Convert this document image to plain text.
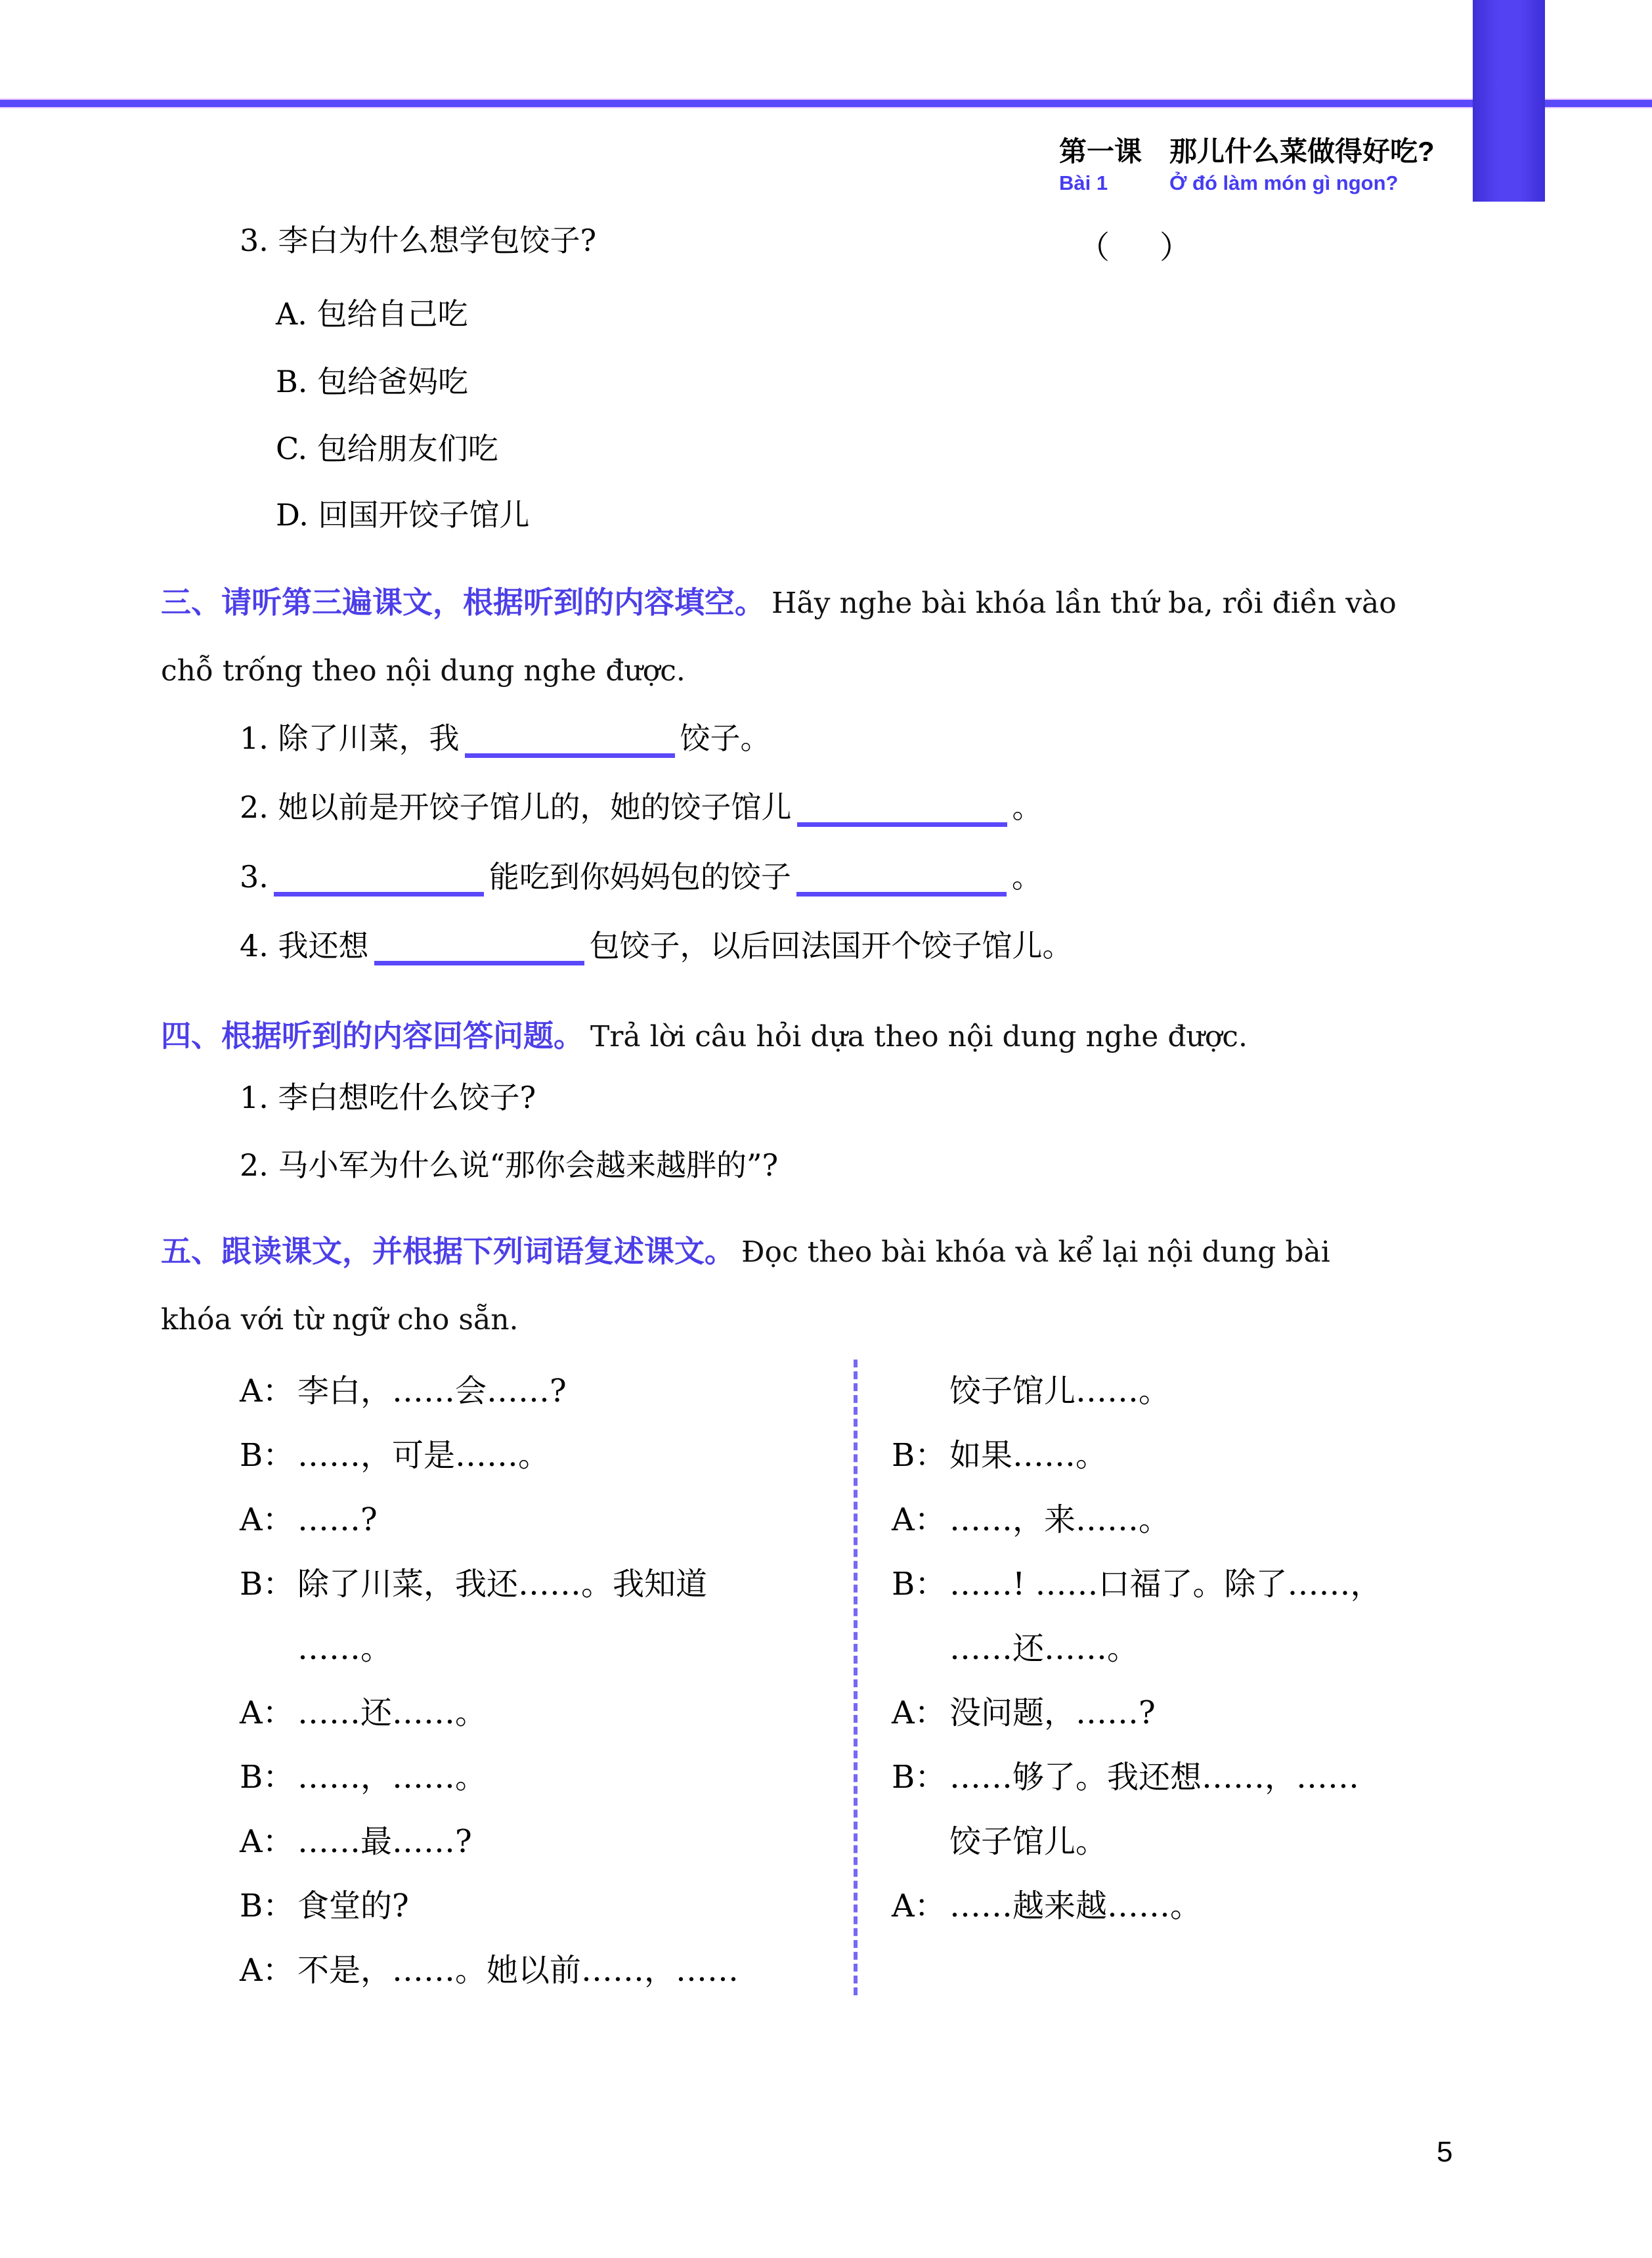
第一课 那儿什么菜做得好吃?
Bài 1	Ở đó làm món gì ngon?
3. 李白为什么想学包饺子?	（　）
A. 包给自己吃
B. 包给爸妈吃
C. 包给朋友们吃
D. 回国开饺子馆儿
三、请听第三遍课文，根据听到的内容填空。 Hãy nghe bài khóa lần thứ ba, rồi điền vào
chỗ trống theo nội dung nghe được.
1. 除了川菜，我	饺子。
2. 她以前是开饺子馆儿的，她的饺子馆儿	。
3.	能吃到你妈妈包的饺子	。
4. 我还想	包饺子，以后回法国开个饺子馆儿。
四、根据听到的内容回答问题。 Trả lời câu hỏi dựa theo nội dung nghe được.
1. 李白想吃什么饺子?
2. 马小军为什么说“那你会越来越胖的”?
五、跟读课文，并根据下列词语复述课文。 Đọc theo bài khóa và kể lại nội dung bài
khóa với từ ngữ cho sẵn.
A： 李白，……会……?
B： ……，可是……。
A： ……?
B： 除了川菜，我还……。我知道
……。
A： ……还……。
B： ……，……。
A： ……最……?
B： 食堂的?
A： 不是，……。她以前……，……
饺子馆儿……。
B： 如果……。
A： ……，来……。
B： ……! ……口福了。除了……，
……还……。
A： 没问题，……?
B： ……够了。我还想……，……
饺子馆儿。
A： ……越来越……。
5
